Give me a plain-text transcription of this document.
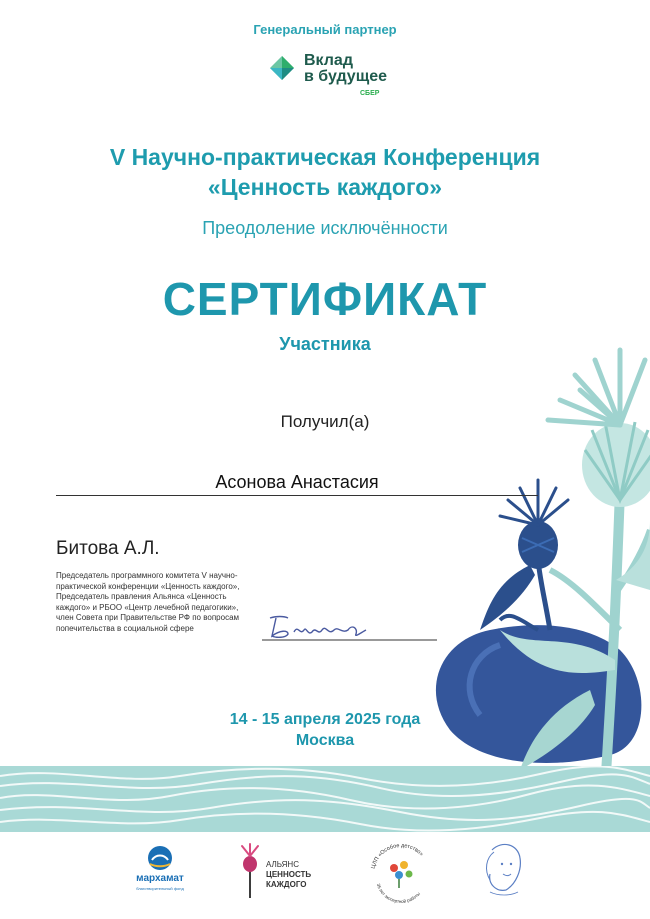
Генеральный партнер
Вклад
в будущее
СБЕР
V Научно-практическая Конференция
«Ценность каждого»
Преодоление исключённости
СЕРТИФИКАТ
Участника
Получил(а)
Асонова Анастасия
Битова А.Л.
Председатель программного комитета V научно-практической конференции «Ценность каждого», Председатель правления Альянса «Ценность каждого» и РБОО «Центр лечебной педагогики», член Совета при Правительстве РФ по вопросам попечительства в социальной сфере
14 - 15 апреля 2025 года
Москва
мархамат
благотворительный фонд
АЛЬЯНС
ЦЕННОСТЬ
КАЖДОГО
ЦЛП «Особое детство»
35 лет экспертной работы
